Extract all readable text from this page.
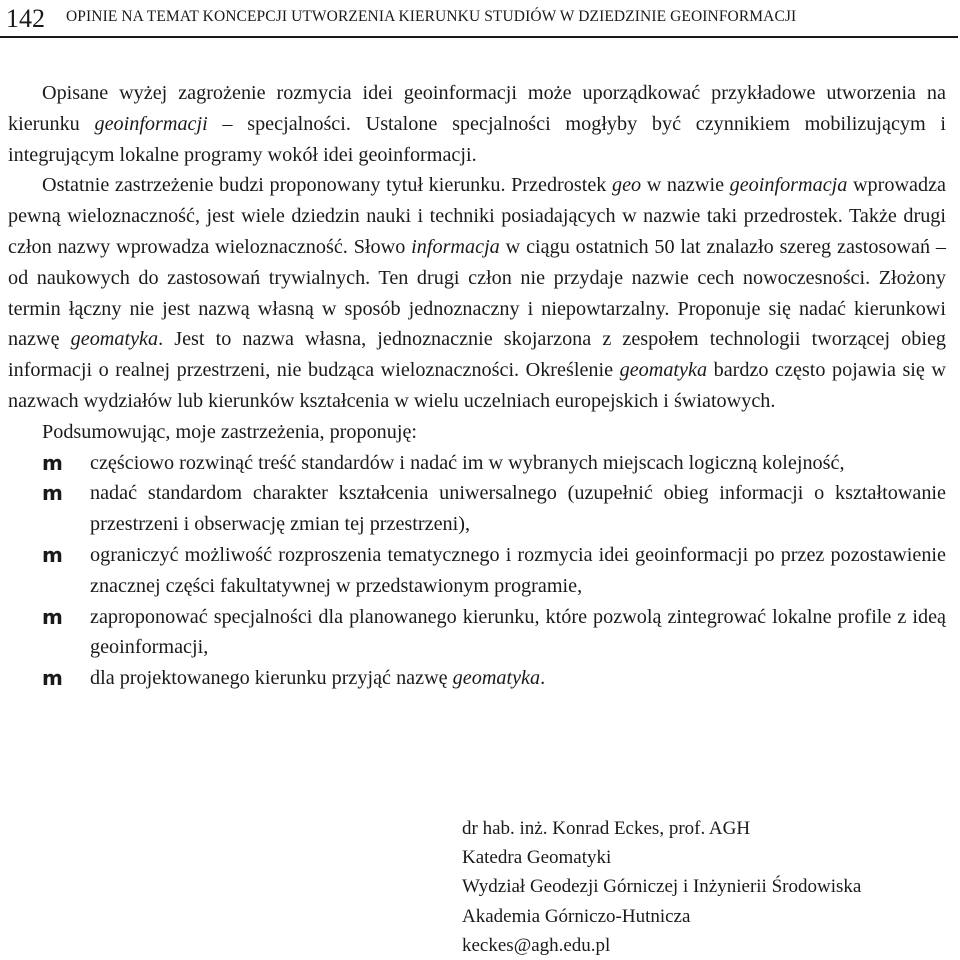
142 OPINIE NA TEMAT KONCEPCJI UTWORZENIA KIERUNKU STUDIÓW W DZIEDZINIE GEOINFORMACJI

Opisane wyżej zagrożenie rozmycia idei geoinformacji może uporządkować przykładowe utworzenia na kierunku geoinformacji – specjalności. Ustalone specjalności mogłyby być czynnikiem mobilizującym i integrującym lokalne programy wokół idei geoinformacji.

Ostatnie zastrzeżenie budzi proponowany tytuł kierunku. Przedrostek geo w nazwie geoinformacja wprowadza pewną wieloznaczność, jest wiele dziedzin nauki i techniki posiadających w nazwie taki przedrostek. Także drugi człon nazwy wprowadza wieloznaczność. Słowo informacja w ciągu ostatnich 50 lat znalazło szereg zastosowań – od naukowych do zastosowań trywialnych. Ten drugi człon nie przydaje nazwie cech nowoczesności. Złożony termin łączny nie jest nazwą własną w sposób jednoznaczny i niepowtarzalny. Proponuje się nadać kierunkowi nazwę geomatyka. Jest to nazwa własna, jednoznacznie skojarzona z zespołem technologii tworzącej obieg informacji o realnej przestrzeni, nie budząca wieloznaczności. Określenie geomatyka bardzo często pojawia się w nazwach wydziałów lub kierunków kształcenia w wielu uczelniach europejskich i światowych.

Podsumowując, moje zastrzeżenia, proponuję:

m częściowo rozwinąć treść standardów i nadać im w wybranych miejscach logiczną kolejność,
m nadać standardom charakter kształcenia uniwersalnego (uzupełnić obieg informacji o kształtowanie przestrzeni i obserwację zmian tej przestrzeni),
m ograniczyć możliwość rozproszenia tematycznego i rozmycia idei geoinformacji po przez pozostawienie znacznej części fakultatywnej w przedstawionym programie,
m zaproponować specjalności dla planowanego kierunku, które pozwolą zintegrować lokalne profile z ideą geoinformacji,
m dla projektowanego kierunku przyjąć nazwę geomatyka.
dr hab. inż. Konrad Eckes, prof. AGH
Katedra Geomatyki
Wydział Geodezji Górniczej i Inżynierii Środowiska
Akademia Górniczo-Hutnicza
keckes@agh.edu.pl
